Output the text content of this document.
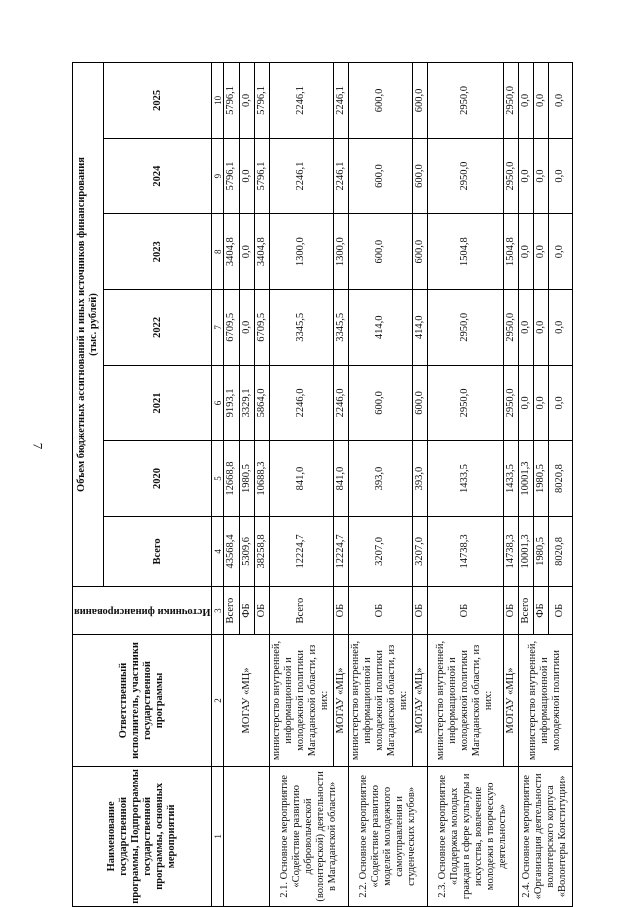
7
Наименование государственной программы, Подпрограммы государственной программы, основных мероприятий	Ответственный исполнитель, участники государственной программы	Источники финансирования	Объем бюджетных ассигнований и иных источников финансирования
(тыс. рублей)						
			Всего	2020	2021	2022	2023	2024	2025
1	2	3	4	5	6	7	8	9	10
	МОГАУ «МЦ»	Всего	43568,4	12668,8	9193,1	6709,5	3404,8	5796,1	5796,1
		ФБ	5309,6	1980,5	3329,1	0,0	0,0	0,0	0,0
		ОБ	38258,8	10688,3	5864,0	6709,5	3404,8	5796,1	5796,1
2.1. Основное мероприятие «Содействие развитию добровольческой (волонтерской) деятельности в Магаданской области»	министерство внутренней, информационной и молодежной политики Магаданской области, из них:	Всего	12224,7	841,0	2246,0	3345,5	1300,0	2246,1	2246,1
	МОГАУ «МЦ»	ОБ	12224,7	841,0	2246,0	3345,5	1300,0	2246,1	2246,1
2.2. Основное мероприятие «Содействие развитию моделей молодежного самоуправления и студенческих клубов»	министерство внутренней, информационной и молодежной политики Магаданской области, из них:	ОБ	3207,0	393,0	600,0	414,0	600,0	600,0	600,0
	МОГАУ «МЦ»	ОБ	3207,0	393,0	600,0	414,0	600,0	600,0	600,0
2.3. Основное мероприятие «Поддержка молодых граждан в сфере культуры и искусства, вовлечение молодежи в творческую деятельность»	министерство внутренней, информационной и молодежной политики Магаданской области, из них:	ОБ	14738,3	1433,5	2950,0	2950,0	1504,8	2950,0	2950,0
	МОГАУ «МЦ»	ОБ	14738,3	1433,5	2950,0	2950,0	1504,8	2950,0	2950,0
2.4. Основное мероприятие «Организация деятельности волонтерского корпуса «Волонтеры Конституции»	министерство внутренней, информационной и молодежной политики	Всего	10001,3	10001,3	0,0	0,0	0,0	0,0	0,0
		ФБ	1980,5	1980,5	0,0	0,0	0,0	0,0	0,0
		ОБ	8020,8	8020,8	0,0	0,0	0,0	0,0	0,0
